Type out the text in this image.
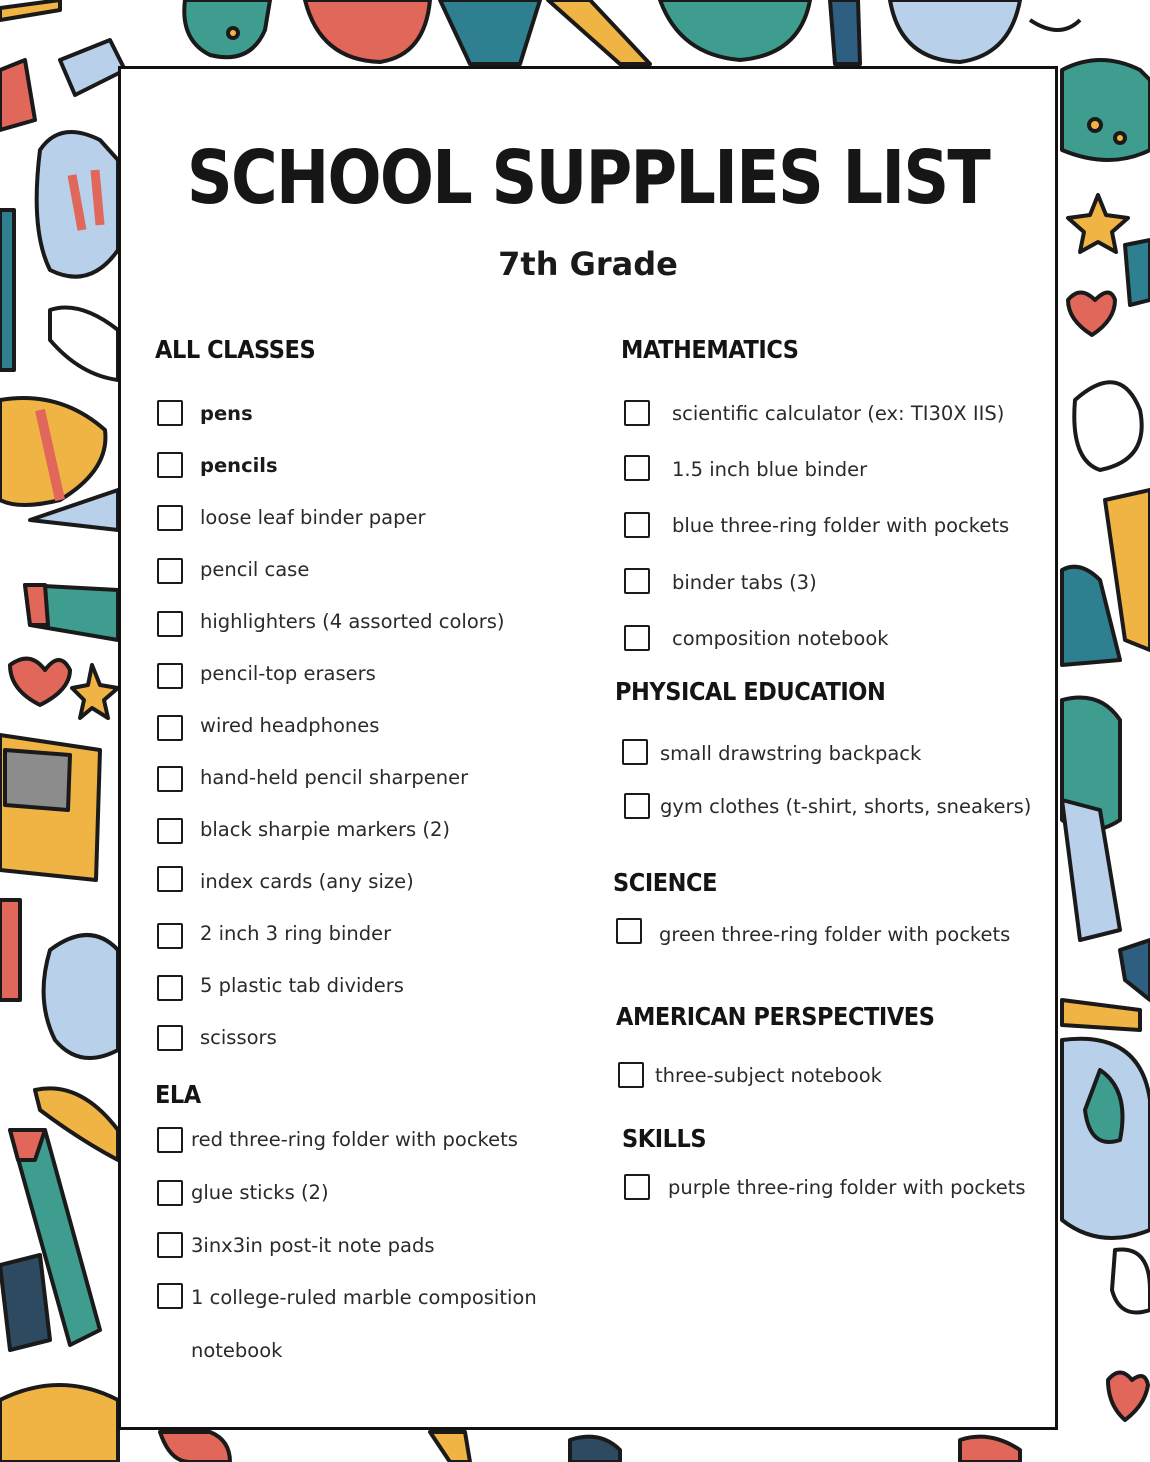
SCHOOL SUPPLIES LIST
7th Grade
ALL CLASSES
pens
pencils
loose leaf binder paper
pencil case
highlighters (4 assorted colors)
pencil-top erasers
wired headphones
hand-held pencil sharpener
black sharpie markers (2)
index cards (any size)
2 inch 3 ring binder
5 plastic tab dividers
scissors
ELA
red three-ring folder with pockets
glue sticks (2)
3inx3in post-it note pads
1 college-ruled marble composition
notebook
MATHEMATICS
scientific calculator (ex: TI30X IIS)
1.5 inch blue binder
blue three-ring folder with pockets
binder tabs (3)
composition notebook
PHYSICAL EDUCATION
small drawstring backpack
gym clothes (t-shirt, shorts, sneakers)
SCIENCE
green three-ring folder with pockets
AMERICAN PERSPECTIVES
three-subject notebook
SKILLS
purple three-ring folder with pockets
